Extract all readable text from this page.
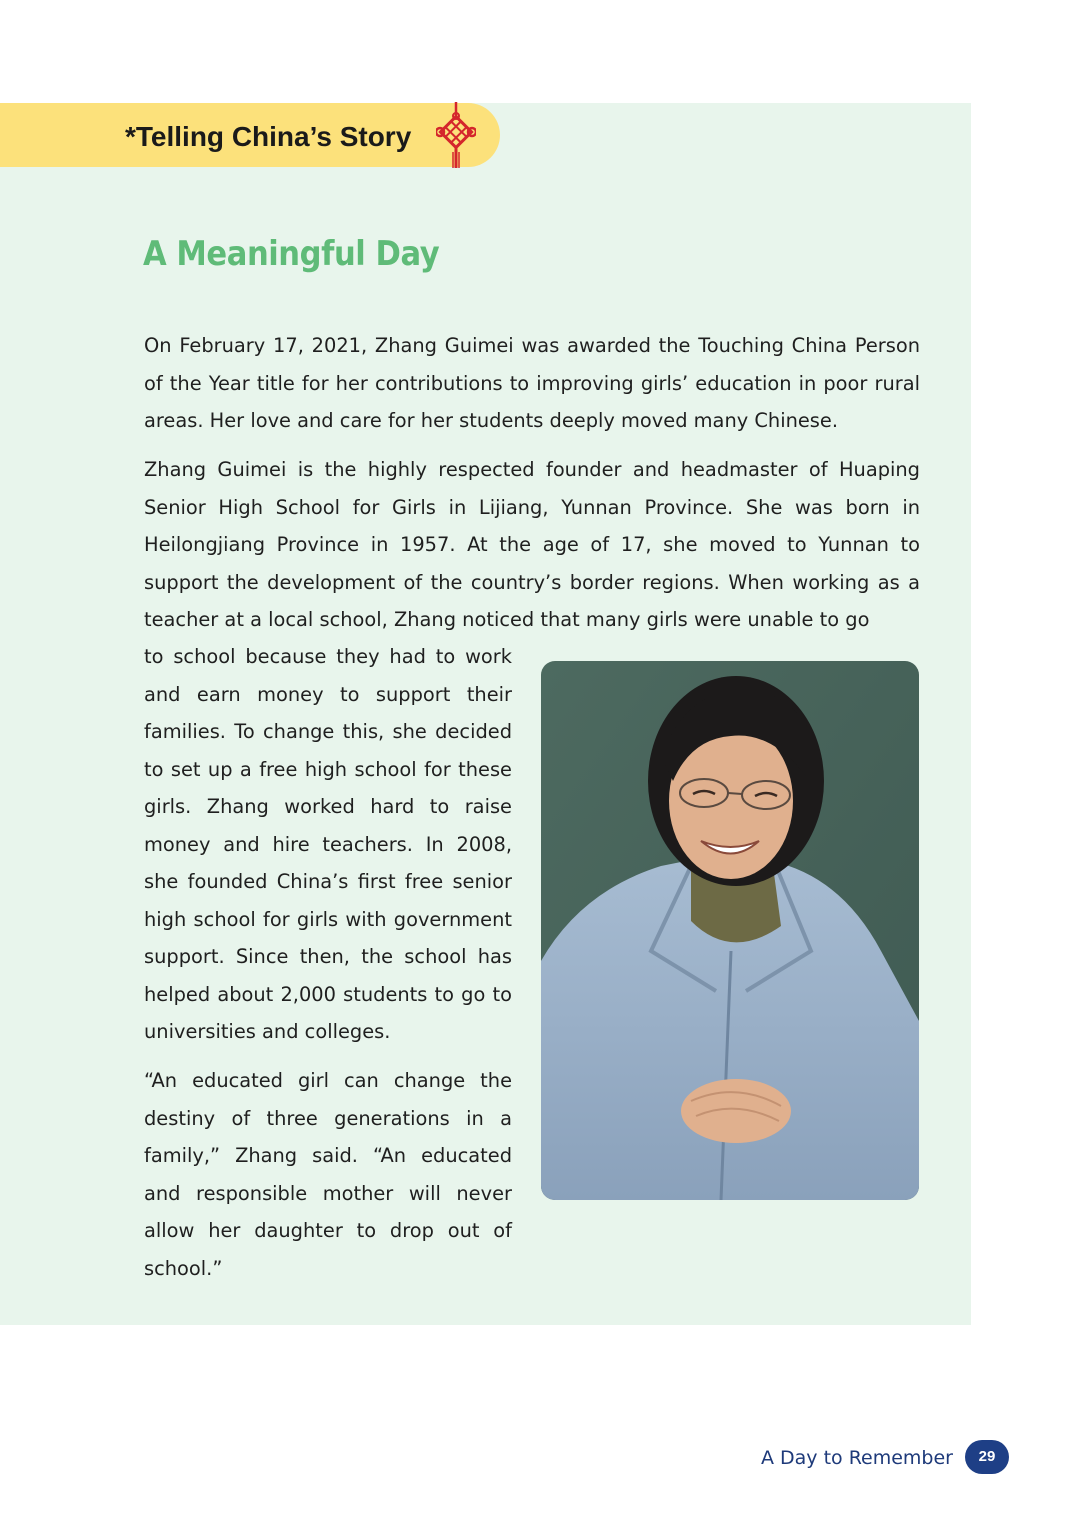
*Telling China’s Story
A Meaningful Day

On February 17, 2021, Zhang Guimei was awarded the Touching China Person of the Year title for her contributions to improving girls’ education in poor rural areas. Her love and care for her students deeply moved many Chinese.

Zhang Guimei is the highly respected founder and headmaster of Huaping Senior High School for Girls in Lijiang, Yunnan Province. She was born in Heilongjiang Province in 1957. At the age of 17, she moved to Yunnan to support the development of the country’s border regions. When working as a teacher at a local school, Zhang noticed that many girls were unable to go

to school because they had to work and earn money to support their families. To change this, she decided to set up a free high school for these girls. Zhang worked hard to raise money and hire teachers. In 2008, she founded China’s first free senior high school for girls with government support. Since then, the school has helped about 2,000 students to go to universities and colleges.

“An educated girl can change the destiny of three generations in a family,” Zhang said. “An educated and responsible mother will never allow her daughter to drop out of school.”

A Day to Remember	29
